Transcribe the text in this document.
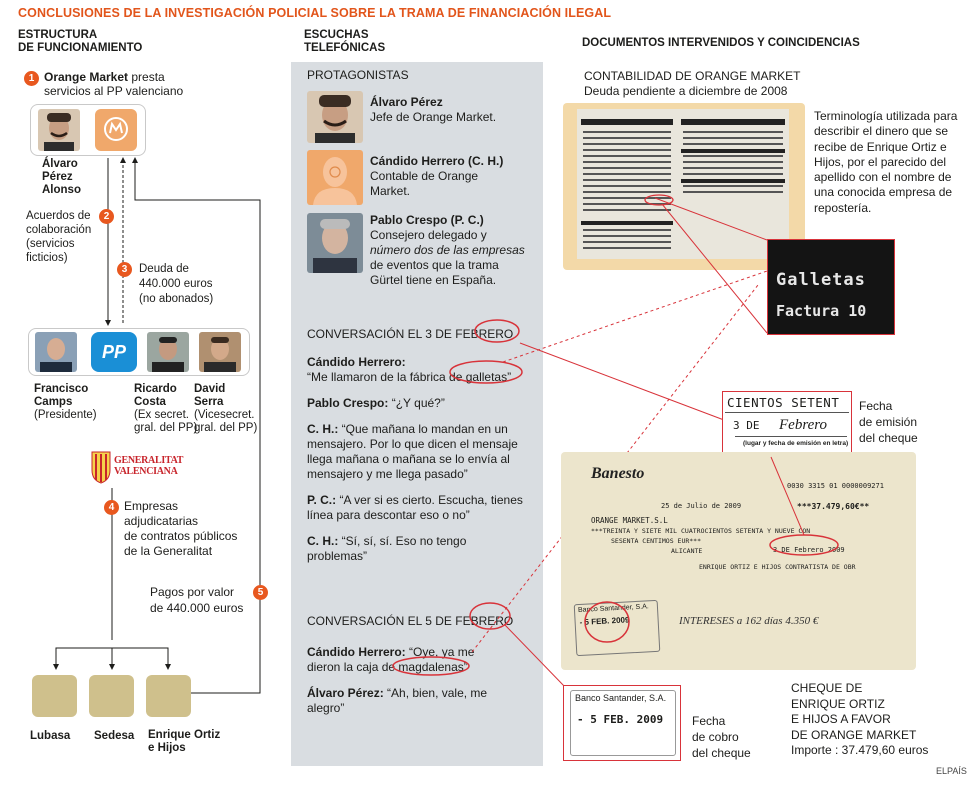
CONCLUSIONES DE LA INVESTIGACIÓN POLICIAL SOBRE LA TRAMA DE FINANCIACIÓN ILEGAL
ESTRUCTURA
DE FUNCIONAMIENTO
ESCUCHAS
TELEFÓNICAS	DOCUMENTOS INTERVENIDOS Y COINCIDENCIAS
1 Orange Market presta
servicios al PP valenciano
Álvaro
Pérez
Alonso
2
Acuerdos de
colaboración
(servicios
ficticios)
3	Deuda de
440.000 euros
(no abonados)
PP
Francisco
Camps
(Presidente)
Ricardo
Costa
(Ex secret.
gral. del PP)
David
Serra
(Vicesecret.
gral. del PP)
GENERALITAT
VALENCIANA
4 Empresas
adjudicatarias
de contratos públicos
de la Generalitat
5
Pagos por valor
de 440.000 euros
Lubasa Sedesa Enrique Ortiz
e Hijos
PROTAGONISTAS
Álvaro Pérez
Jefe de Orange Market.
Cándido Herrero (C. H.)
Contable de Orange
Market.
Pablo Crespo (P. C.)
Consejero delegado y
número dos de las empresas
de eventos que la trama
Gürtel tiene en España.
CONVERSACIÓN EL 3 DE FEBRERO
Cándido Herrero:
“Me llamaron de la fábrica de galletas”
Pablo Crespo: “¿Y qué?”
C. H.: “Que mañana lo mandan en un mensajero. Por lo que dicen el mensaje llega mañana o mañana se lo envía al mensajero y me llega pasado”
P. C.: “A ver si es cierto. Escucha, tienes línea para descontar eso o no”
C. H.: “Sí, sí, sí. Eso no tengo problemas”
CONVERSACIÓN EL 5 DE FEBRERO
Cándido Herrero: “Oye, ya me dieron la caja de magdalenas”
Álvaro Pérez: “Ah, bien, vale, me alegro”
CONTABILIDAD DE ORANGE MARKET
Deuda pendiente a diciembre de 2008
Terminología utilizada para
describir el dinero que se
recibe de Enrique Ortiz e
Hijos, por el parecido del
apellido con el nombre de
una conocida empresa de
repostería.
Galletas
Factura 10
CIENTOS SETENT
3 DE Febrero
(lugar y fecha de emisión en letra)
Fecha
de emisión
del cheque
Banesto
0030 3315 01 0000009271
25 de Julio de 2009	***37.479,60€**
ORANGE MARKET.S.L
***TREINTA Y SIETE MIL CUATROCIENTOS SETENTA Y NUEVE CON
SESENTA CENTIMOS EUR***
ALICANTE	3 DE Febrero 2009
ENRIQUE ORTIZ E HIJOS CONTRATISTA DE OBR
INTERESES a 162 días 4.350 €
Banco Santander, S.A.
- 5 FEB. 2009
Banco Santander, S.A.
- 5 FEB. 2009	Fecha
de cobro
del cheque
CHEQUE DE
ENRIQUE ORTIZ
E HIJOS A FAVOR
DE ORANGE MARKET
Importe : 37.479,60 euros
ELPAÍS
